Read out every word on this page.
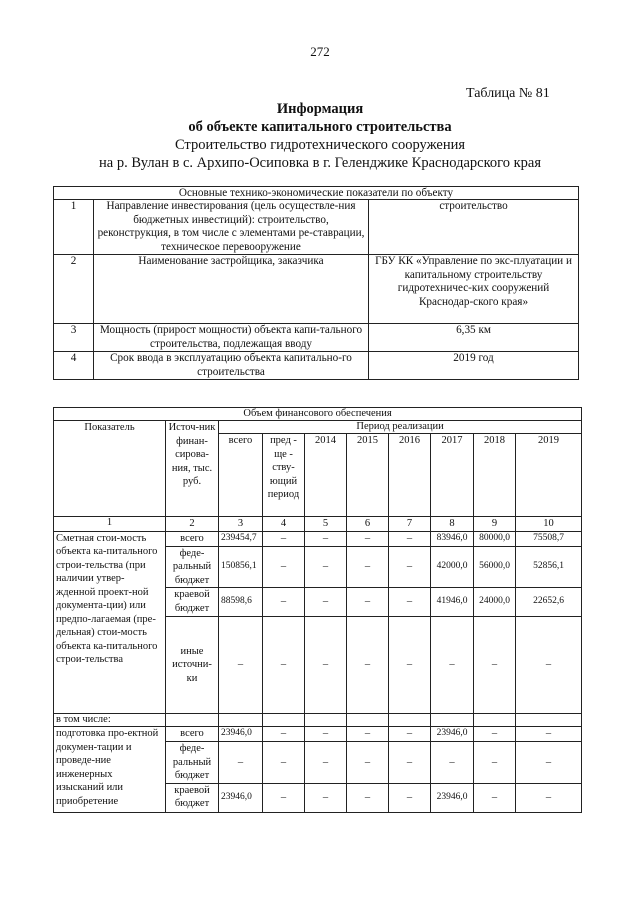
272
Таблица № 81
Информация
об объекте капитального строительства
Строительство гидротехнического сооружения
на р. Вулан в с. Архипо-Осиповка в г. Геленджике Краснодарского края
Основные технико-экономические показатели по объекту		
1	Направление инвестирования (цель осуществле-ния бюджетных инвестиций): строительство, реконструкция, в том числе с элементами ре-ставрации, техническое перевооружение	строительство
2	Наименование застройщика, заказчика	ГБУ КК «Управление по экс-плуатации и капитальному строительству гидротехничес-ких сооружений Краснодар-ского края»
3	Мощность (прирост мощности) объекта капи-тального строительства, подлежащая вводу	6,35 км
4	Срок ввода в эксплуатацию объекта капитально-го строительства	2019 год
Объем финансового обеспечения									
Показатель	Источ-ник финан-сирова-ния, тыс. руб.	Период реализации							
		всего	пред - ще - ству-ющий период	2014	2015	2016	2017	2018	2019
1	2	3	4	5	6	7	8	9	10
Сметная стои-мость объекта ка-питального строи-тельства (при наличии утвер-жденной проект-ной документа-ции) или предпо-лагаемая (пре-дельная) стои-мость объекта ка-питального строи-тельства	всего	239454,7	–	–	–	–	83946,0	80000,0	75508,7
	феде-ральный бюджет	150856,1	–	–	–	–	42000,0	56000,0	52856,1
	краевой бюджет	88598,6	–	–	–	–	41946,0	24000,0	22652,6
	иные источни-ки	–	–	–	–	–	–	–	–
в том числе:									
подготовка про-ектной докумен-тации и проведе-ние инженерных изысканий или приобретение	всего	23946,0	–	–	–	–	23946,0	–	–
	феде-ральный бюджет	–	–	–	–	–	–	–	–
	краевой бюджет	23946,0	–	–	–	–	23946,0	–	–
